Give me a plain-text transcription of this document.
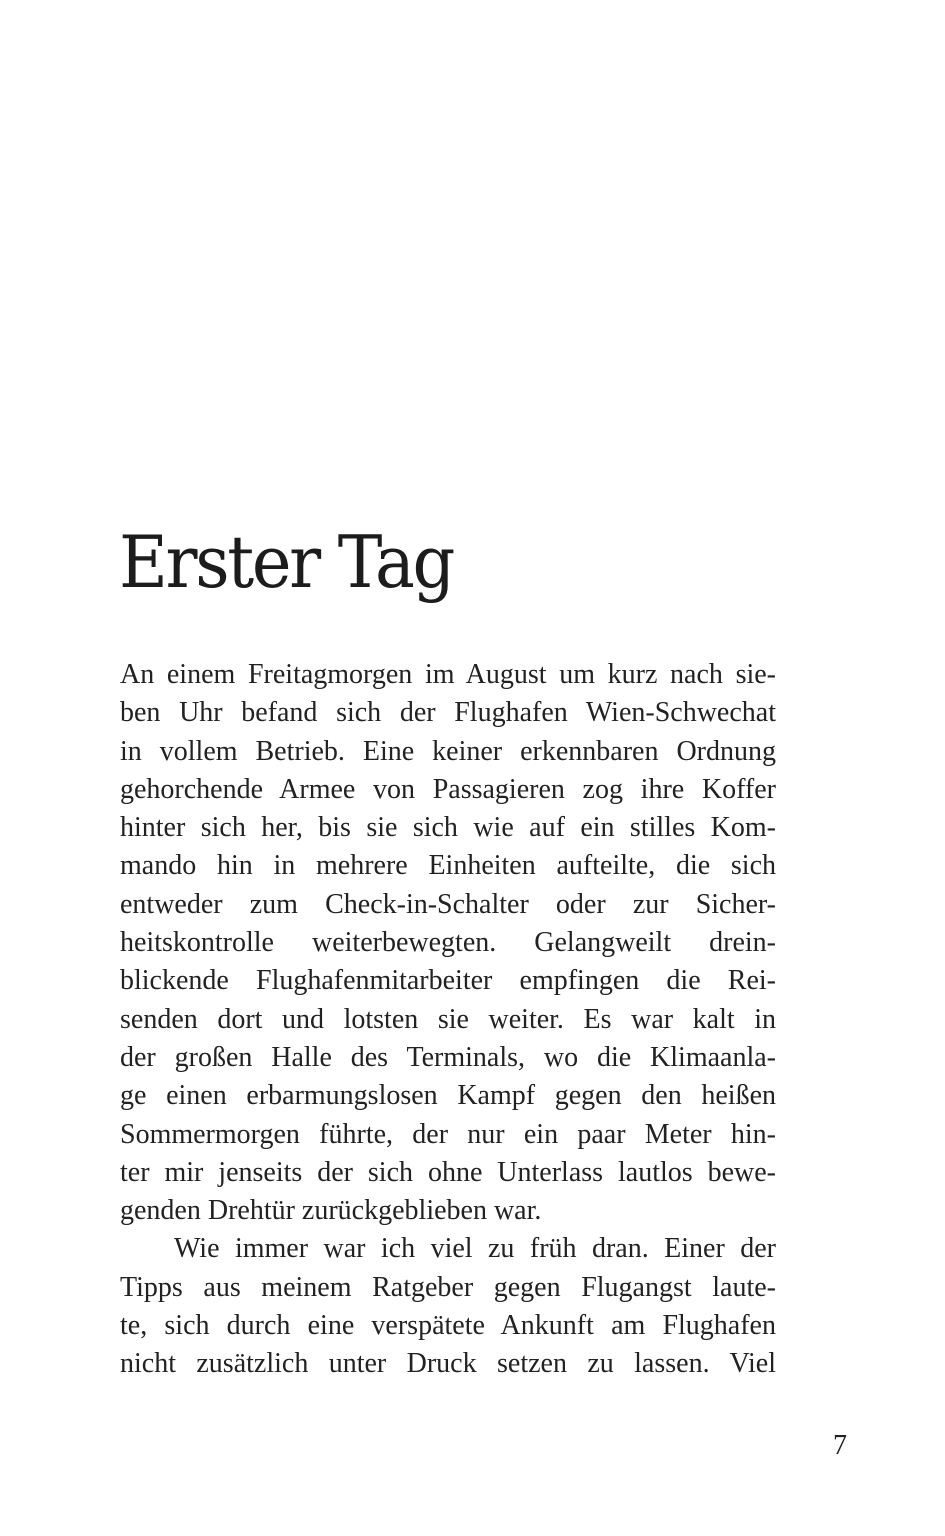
Erster Tag
An einem Freitagmorgen im August um kurz nach sie-
ben Uhr befand sich der Flughafen Wien-Schwechat
in vollem Betrieb. Eine keiner erkennbaren Ordnung
gehorchende Armee von Passagieren zog ihre Koffer
hinter sich her, bis sie sich wie auf ein stilles Kom-
mando hin in mehrere Einheiten aufteilte, die sich
entweder zum Check-in-Schalter oder zur Sicher-
heitskontrolle weiterbewegten. Gelangweilt drein-
blickende Flughafenmitarbeiter empfingen die Rei-
senden dort und lotsten sie weiter. Es war kalt in
der großen Halle des Terminals, wo die Klimaanla-
ge einen erbarmungslosen Kampf gegen den heißen
Sommermorgen führte, der nur ein paar Meter hin-
ter mir jenseits der sich ohne Unterlass lautlos bewe-
genden Drehtür zurückgeblieben war.
Wie immer war ich viel zu früh dran. Einer der
Tipps aus meinem Ratgeber gegen Flugangst laute-
te, sich durch eine verspätete Ankunft am Flughafen
nicht zusätzlich unter Druck setzen zu lassen. Viel
7
